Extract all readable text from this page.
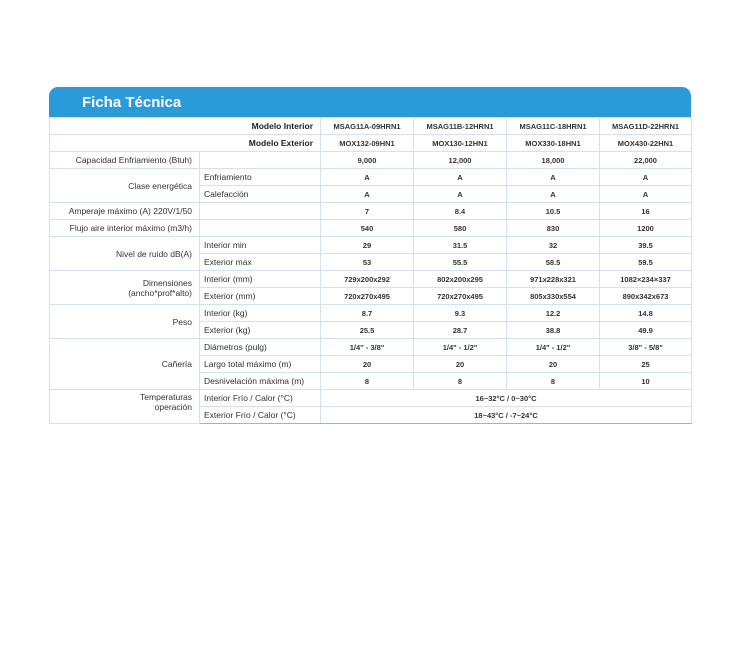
Ficha Técnica
Modelo Interior		MSAG11A-09HRN1	MSAG11B-12HRN1	MSAG11C-18HRN1	MSAG11D-22HRN1
Modelo Exterior		MOX132-09HN1	MOX130-12HN1	MOX330-18HN1	MOX430-22HN1
Capacidad Enfriamiento (Btuh)		9,000	12,000	18,000	22,000
Clase energética	Enfriamiento	A	A	A	A
	Calefacción	A	A	A	A
Amperaje máximo (A) 220V/1/50		7	8.4	10.5	16
Flujo aire interior máximo (m3/h)		540	580	830	1200
Nivel de ruido dB(A)	Interior min	29	31.5	32	39.5
	Exterior max	53	55.5	58.5	59.5

Dimensiones
(ancho*prof*alto)	Interior (mm)	729x200x292	802x200x295	971x228x321	1082×234×337
	Exterior (mm)	720x270x495	720x270x495	805x330x554	890x342x673
Peso	Interior (kg)	8.7	9.3	12.2	14.8
	Exterior (kg)	25.5	28.7	38.8	49.9
Cañería	Diámetros (pulg)	1/4" - 3/8"	1/4" - 1/2"	1/4" - 1/2"	3/8" - 5/8"
	Largo total máximo (m)	20	20	20	25
	Desnivelación máxima (m)	8	8	8	10

Temperaturas
operación	Interior Frío / Calor (°C)	16~32°C / 0~30°C			
	Exterior Frío / Calor (°C)	18~43°C / -7~24°C			
